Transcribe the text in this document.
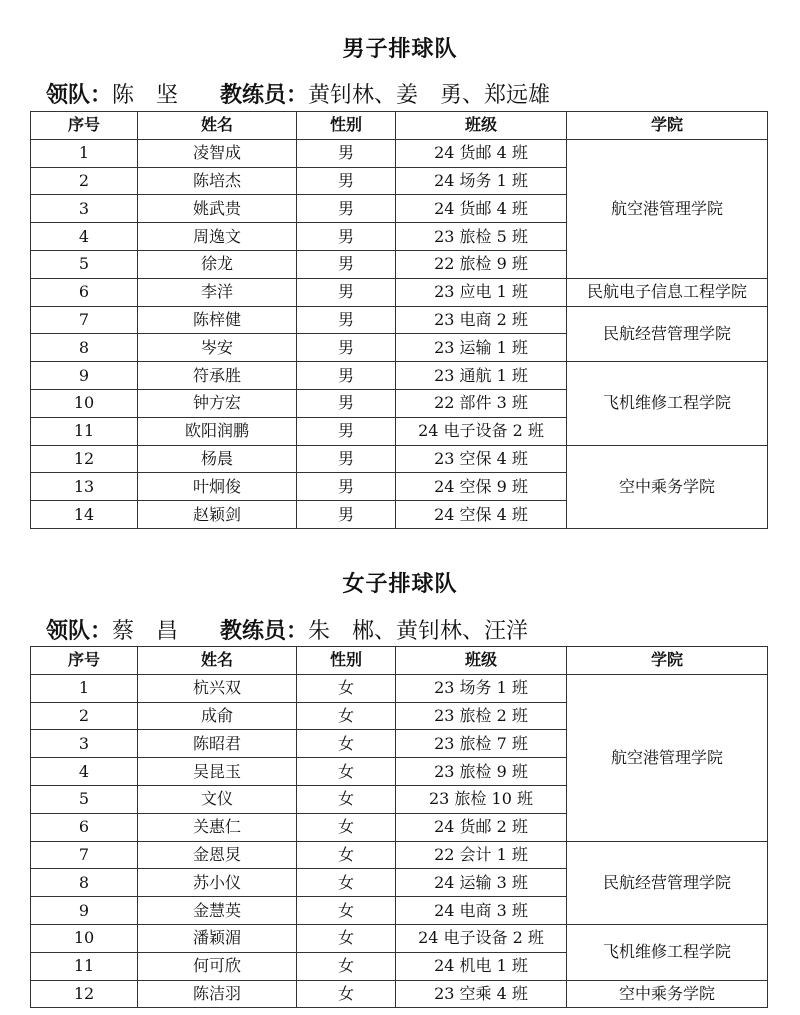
男子排球队
领队：陈　坚 教练员：黄钊林、姜　勇、郑远雄
序号	姓名	性别	班级	学院
1	凌智成	男	24 货邮 4 班	航空港管理学院
2	陈培杰	男	24 场务 1 班	
3	姚武贵	男	24 货邮 4 班	
4	周逸文	男	23 旅检 5 班	
5	徐龙	男	22 旅检 9 班	
6	李洋	男	23 应电 1 班	民航电子信息工程学院
7	陈梓健	男	23 电商 2 班	民航经营管理学院
8	岑安	男	23 运输 1 班	
9	符承胜	男	23 通航 1 班	飞机维修工程学院
10	钟方宏	男	22 部件 3 班	
11	欧阳润鹏	男	24 电子设备 2 班	
12	杨晨	男	23 空保 4 班	空中乘务学院
13	叶炯俊	男	24 空保 9 班	
14	赵颖剑	男	24 空保 4 班	
女子排球队
领队：蔡　昌 教练员：朱　郴、黄钊林、汪洋
序号	姓名	性别	班级	学院
1	杭兴双	女	23 场务 1 班	航空港管理学院
2	成俞	女	23 旅检 2 班	
3	陈昭君	女	23 旅检 7 班	
4	吴昆玉	女	23 旅检 9 班	
5	文仪	女	23 旅检 10 班	
6	关惠仁	女	24 货邮 2 班	
7	金恩炅	女	22 会计 1 班	民航经营管理学院
8	苏小仪	女	24 运输 3 班	
9	金慧英	女	24 电商 3 班	
10	潘颖湄	女	24 电子设备 2 班	飞机维修工程学院
11	何可欣	女	24 机电 1 班	
12	陈洁羽	女	23 空乘 4 班	空中乘务学院
